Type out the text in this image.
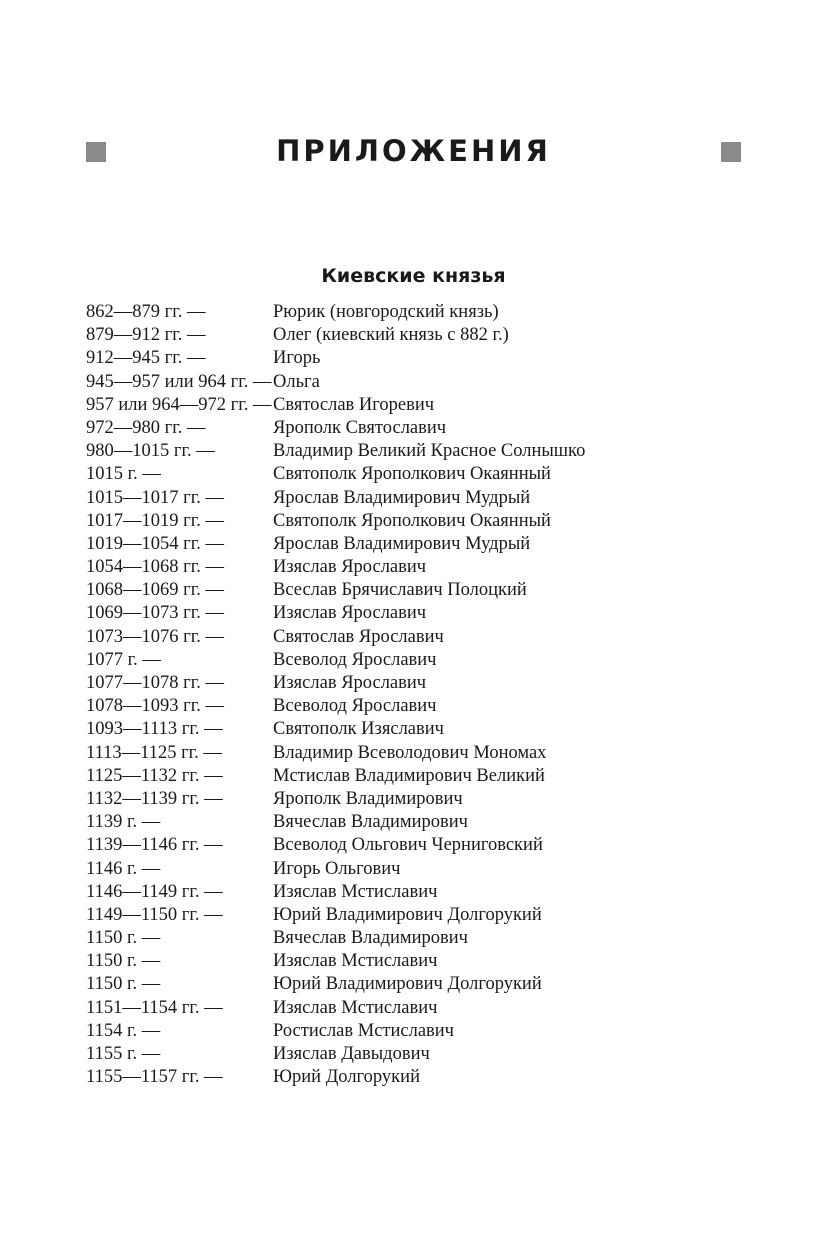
ПРИЛОЖЕНИЯ
Киевские князья
862—879 гг. —	Рюрик (новгородский князь)
879—912 гг. —	Олег (киевский князь с 882 г.)
912—945 гг. —	Игорь
945—957 или 964 гг. — Ольга
957 или 964—972 гг. — Святослав Игоревич
972—980 гг. —	Ярополк Святославич
980—1015 гг. —	Владимир Великий Красное Солнышко
1015 г. —	Святополк Ярополкович Окаянный
1015—1017 гг. —	Ярослав Владимирович Мудрый
1017—1019 гг. —	Святополк Ярополкович Окаянный
1019—1054 гг. —	Ярослав Владимирович Мудрый
1054—1068 гг. —	Изяслав Ярославич
1068—1069 гг. —	Всеслав Брячиславич Полоцкий
1069—1073 гг. —	Изяслав Ярославич
1073—1076 гг. —	Святослав Ярославич
1077 г. —	Всеволод Ярославич
1077—1078 гг. —	Изяслав Ярославич
1078—1093 гг. —	Всеволод Ярославич
1093—1113 гг. —	Святополк Изяславич
1113—1125 гг. —	Владимир Всеволодович Мономах
1125—1132 гг. —	Мстислав Владимирович Великий
1132—1139 гг. —	Ярополк Владимирович
1139 г. —	Вячеслав Владимирович
1139—1146 гг. —	Всеволод Ольгович Черниговский
1146 г. —	Игорь Ольгович
1146—1149 гг. —	Изяслав Мстиславич
1149—1150 гг. —	Юрий Владимирович Долгорукий
1150 г. —	Вячеслав Владимирович
1150 г. —	Изяслав Мстиславич
1150 г. —	Юрий Владимирович Долгорукий
1151—1154 гг. —	Изяслав Мстиславич
1154 г. —	Ростислав Мстиславич
1155 г. —	Изяслав Давыдович
1155—1157 гг. —	Юрий Долгорукий
